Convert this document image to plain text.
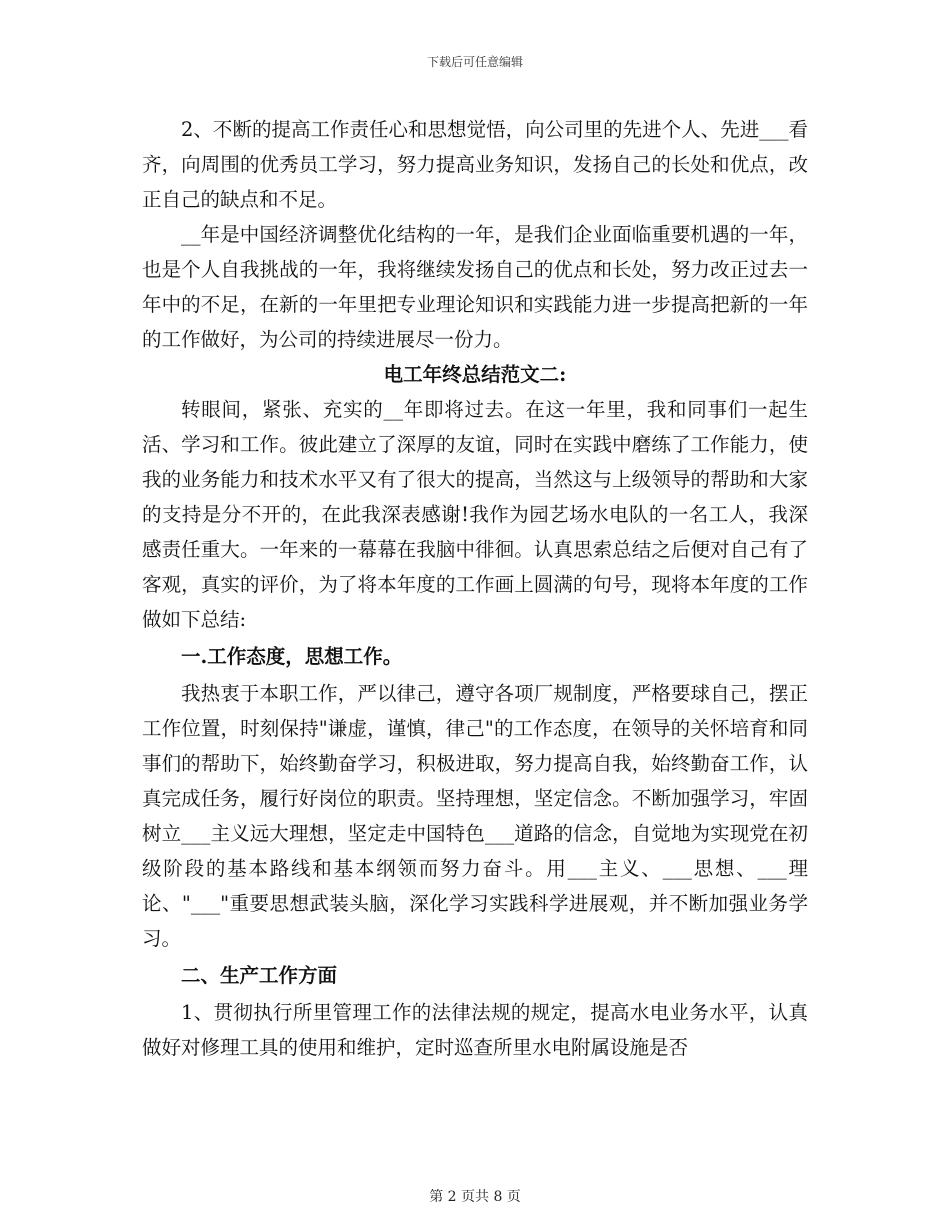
下载后可任意编辑

2、不断的提高工作责任心和思想觉悟，向公司里的先进个人、先进___看齐，向周围的优秀员工学习，努力提高业务知识，发扬自己的长处和优点，改正自己的缺点和不足。

__年是中国经济调整优化结构的一年，是我们企业面临重要机遇的一年，也是个人自我挑战的一年，我将继续发扬自己的优点和长处，努力改正过去一年中的不足，在新的一年里把专业理论知识和实践能力进一步提高把新的一年的工作做好，为公司的持续进展尽一份力。

电工年终总结范文二:

转眼间，紧张、充实的__年即将过去。在这一年里，我和同事们一起生活、学习和工作。彼此建立了深厚的友谊，同时在实践中磨练了工作能力，使我的业务能力和技术水平又有了很大的提高，当然这与上级领导的帮助和大家的支持是分不开的，在此我深表感谢!我作为园艺场水电队的一名工人，我深感责任重大。一年来的一幕幕在我脑中徘徊。认真思索总结之后便对自己有了客观，真实的评价，为了将本年度的工作画上圆满的句号，现将本年度的工作做如下总结:

一.工作态度，思想工作。

我热衷于本职工作，严以律己，遵守各项厂规制度，严格要球自己，摆正工作位置，时刻保持"谦虚，谨慎，律己"的工作态度，在领导的关怀培育和同事们的帮助下，始终勤奋学习，积极进取，努力提高自我，始终勤奋工作，认真完成任务，履行好岗位的职责。坚持理想，坚定信念。不断加强学习，牢固树立___主义远大理想，坚定走中国特色___道路的信念，自觉地为实现党在初级阶段的基本路线和基本纲领而努力奋斗。用___主义、___思想、___理论、"___"重要思想武装头脑，深化学习实践科学进展观，并不断加强业务学习。

二、生产工作方面

1、贯彻执行所里管理工作的法律法规的规定，提高水电业务水平，认真做好对修理工具的使用和维护，定时巡查所里水电附属设施是否

第 2 页共 8 页
